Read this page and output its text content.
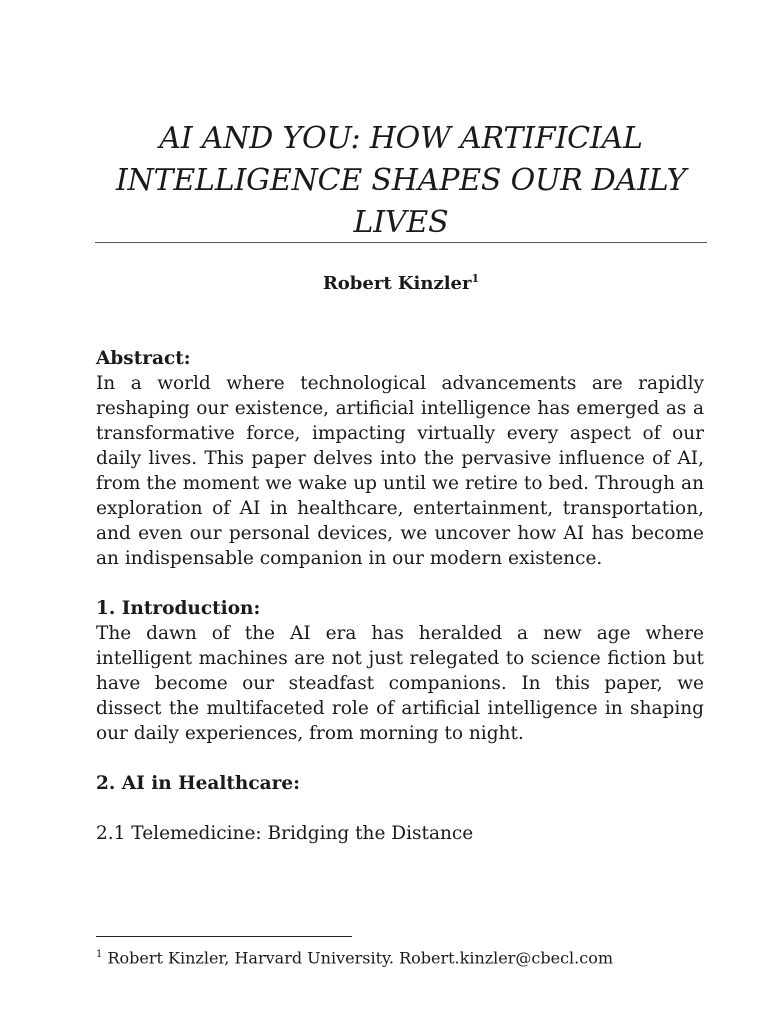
AI AND YOU: HOW ARTIFICIAL INTELLIGENCE SHAPES OUR DAILY LIVES
Robert Kinzler$^1$

Abstract:

In a world where technological advancements are rapidly reshaping our existence, artificial intelligence has emerged as a transformative force, impacting virtually every aspect of our daily lives. This paper delves into the pervasive influence of AI, from the moment we wake up until we retire to bed. Through an exploration of AI in healthcare, entertainment, transportation, and even our personal devices, we uncover how AI has become an indispensable companion in our modern existence.

1. Introduction:

The dawn of the AI era has heralded a new age where intelligent machines are not just relegated to science fiction but have become our steadfast companions. In this paper, we dissect the multifaceted role of artificial intelligence in shaping our daily experiences, from morning to night.

2. AI in Healthcare:

2.1 Telemedicine: Bridging the Distance

$^1$ Robert Kinzler, Harvard University. Robert.kinzler@cbecl.com
